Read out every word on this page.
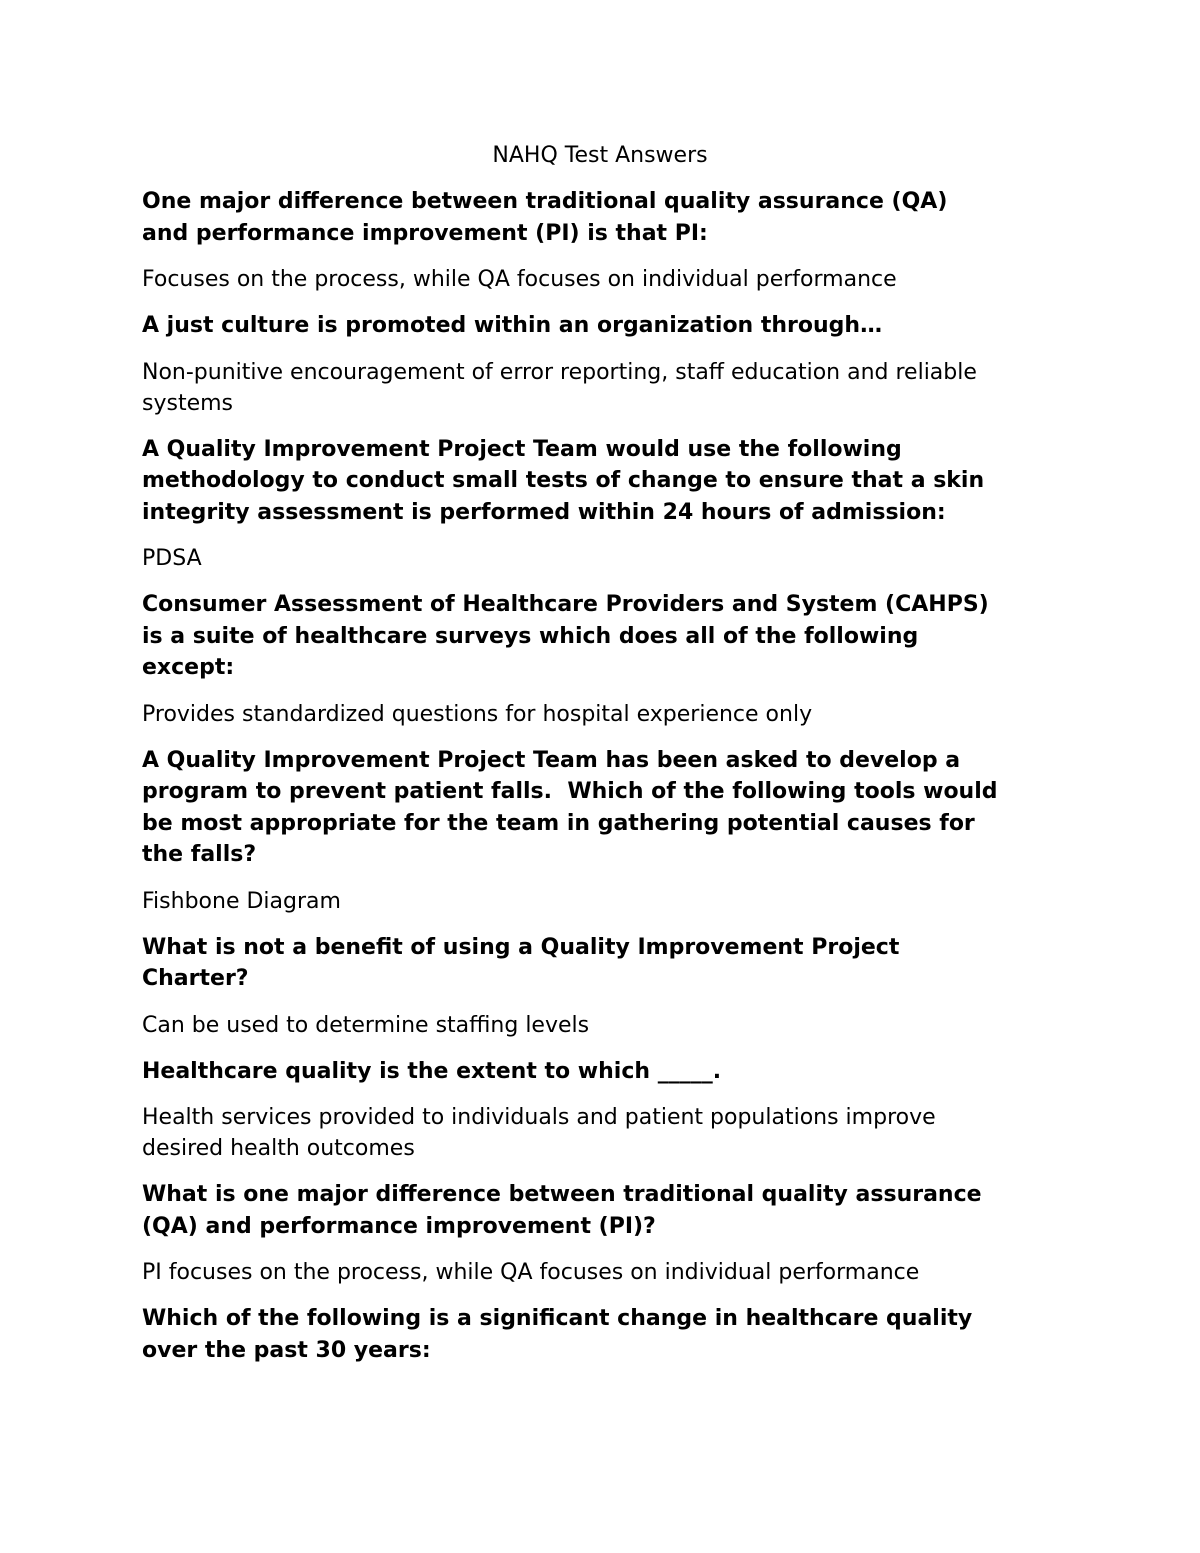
NAHQ Test Answers

One major difference between traditional quality assurance (QA)
and performance improvement (PI) is that PI:

Focuses on the process, while QA focuses on individual performance

A just culture is promoted within an organization through…

Non-punitive encouragement of error reporting, staff education and reliable
systems

A Quality Improvement Project Team would use the following
methodology to conduct small tests of change to ensure that a skin
integrity assessment is performed within 24 hours of admission:

PDSA

Consumer Assessment of Healthcare Providers and System (CAHPS)
is a suite of healthcare surveys which does all of the following
except:

Provides standardized questions for hospital experience only

A Quality Improvement Project Team has been asked to develop a
program to prevent patient falls.  Which of the following tools would
be most appropriate for the team in gathering potential causes for
the falls?

Fishbone Diagram

What is not a benefit of using a Quality Improvement Project
Charter?

Can be used to determine staffing levels

Healthcare quality is the extent to which _____.

Health services provided to individuals and patient populations improve
desired health outcomes

What is one major difference between traditional quality assurance
(QA) and performance improvement (PI)?

PI focuses on the process, while QA focuses on individual performance

Which of the following is a significant change in healthcare quality
over the past 30 years:
